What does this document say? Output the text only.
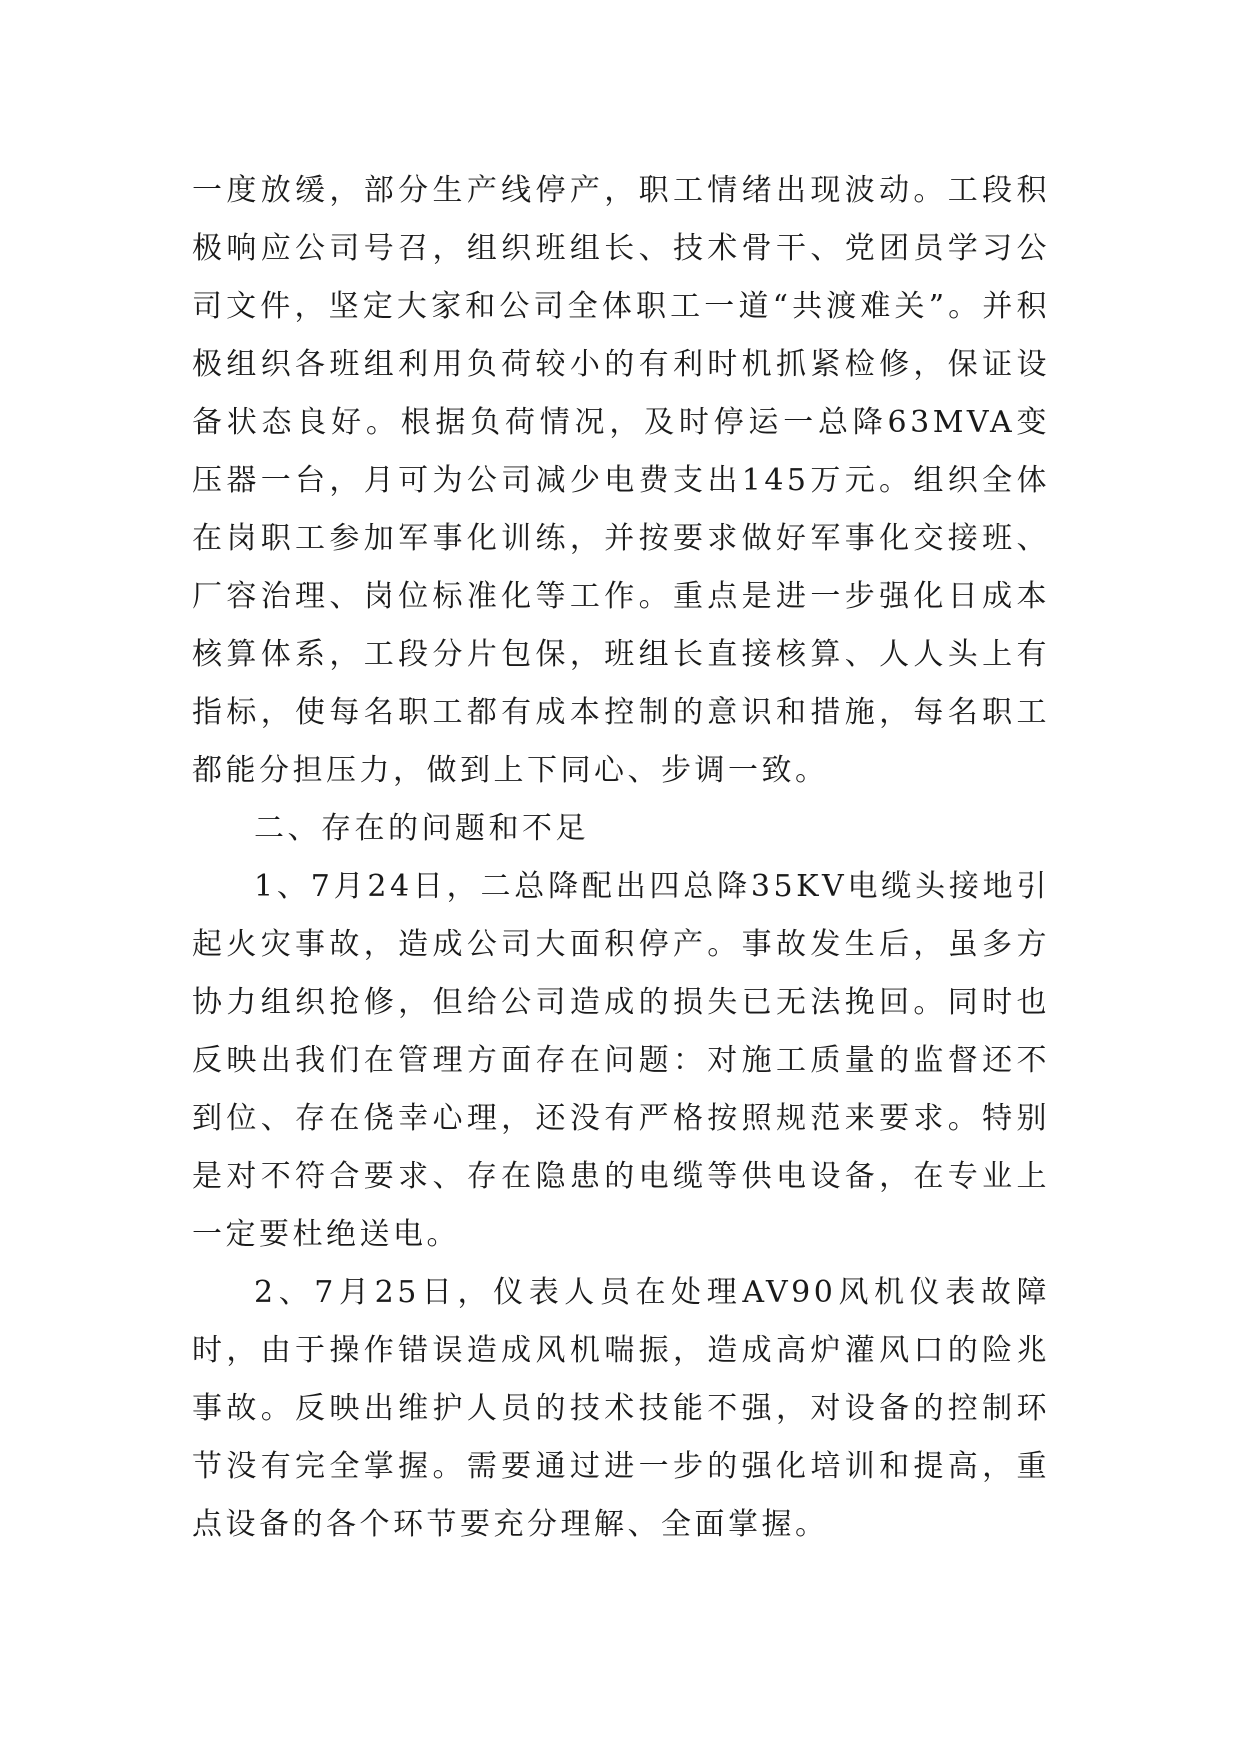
一度放缓，部分生产线停产，职工情绪出现波动。工段积极响应公司号召，组织班组长、技术骨干、党团员学习公司文件，坚定大家和公司全体职工一道“共渡难关”。并积极组织各班组利用负荷较小的有利时机抓紧检修，保证设备状态良好。根据负荷情况，及时停运一总降63MVA变压器一台，月可为公司减少电费支出145万元。组织全体在岗职工参加军事化训练，并按要求做好军事化交接班、厂容治理、岗位标准化等工作。重点是进一步强化日成本核算体系，工段分片包保，班组长直接核算、人人头上有指标，使每名职工都有成本控制的意识和措施，每名职工都能分担压力，做到上下同心、步调一致。

二、存在的问题和不足

1、7月24日，二总降配出四总降35KV电缆头接地引起火灾事故，造成公司大面积停产。事故发生后，虽多方协力组织抢修，但给公司造成的损失已无法挽回。同时也反映出我们在管理方面存在问题：对施工质量的监督还不到位、存在侥幸心理，还没有严格按照规范来要求。特别是对不符合要求、存在隐患的电缆等供电设备，在专业上一定要杜绝送电。

2、7月25日，仪表人员在处理AV90风机仪表故障时，由于操作错误造成风机喘振，造成高炉灌风口的险兆事故。反映出维护人员的技术技能不强，对设备的控制环节没有完全掌握。需要通过进一步的强化培训和提高，重点设备的各个环节要充分理解、全面掌握。
